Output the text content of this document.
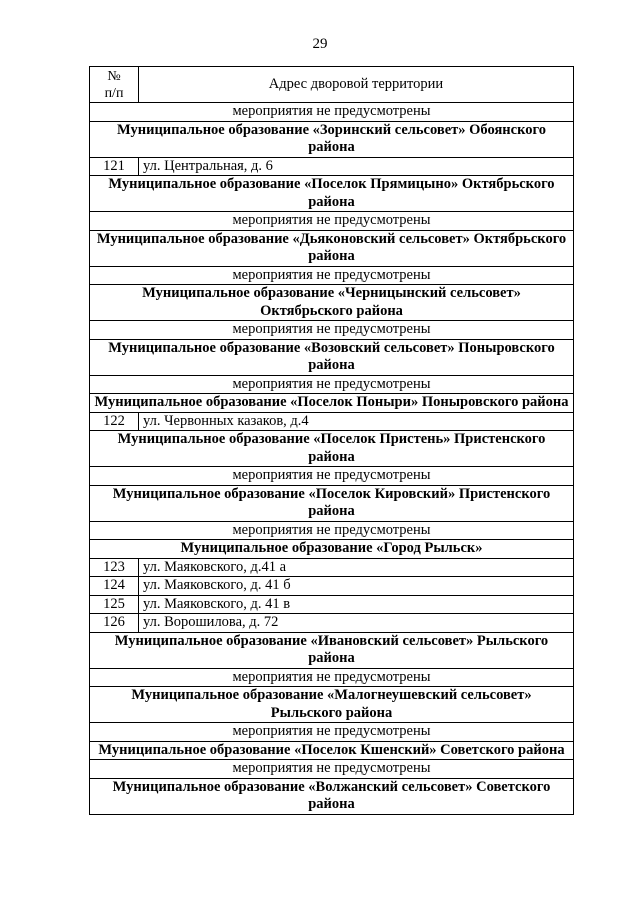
29
№
п/п	Адрес дворовой территории
мероприятия не предусмотрены	
Муниципальное образование «Зоринский сельсовет» Обоянского района	
121	ул. Центральная, д. 6
Муниципальное образование «Поселок Прямицыно» Октябрьского района	
мероприятия не предусмотрены	
Муниципальное образование «Дьяконовский сельсовет» Октябрьского района	
мероприятия не предусмотрены	
Муниципальное образование «Черницынский сельсовет» Октябрьского района	
мероприятия не предусмотрены	
Муниципальное образование «Возовский сельсовет» Поныровского района	
мероприятия не предусмотрены	
Муниципальное образование «Поселок Поныри» Поныровского района	
122	ул. Червонных казаков, д.4
Муниципальное образование «Поселок Пристень» Пристенского района	
мероприятия не предусмотрены	
Муниципальное образование «Поселок Кировский» Пристенского района	
мероприятия не предусмотрены	
Муниципальное образование «Город Рыльск»	
123	ул. Маяковского, д.41 а
124	ул. Маяковского, д. 41 б
125	ул. Маяковского, д. 41 в
126	ул. Ворошилова, д. 72
Муниципальное образование «Ивановский сельсовет» Рыльского района	
мероприятия не предусмотрены	
Муниципальное образование «Малогнеушевский сельсовет» Рыльского района	
мероприятия не предусмотрены	
Муниципальное образование «Поселок Кшенский» Советского района	
мероприятия не предусмотрены	
Муниципальное образование «Волжанский сельсовет» Советского района	
